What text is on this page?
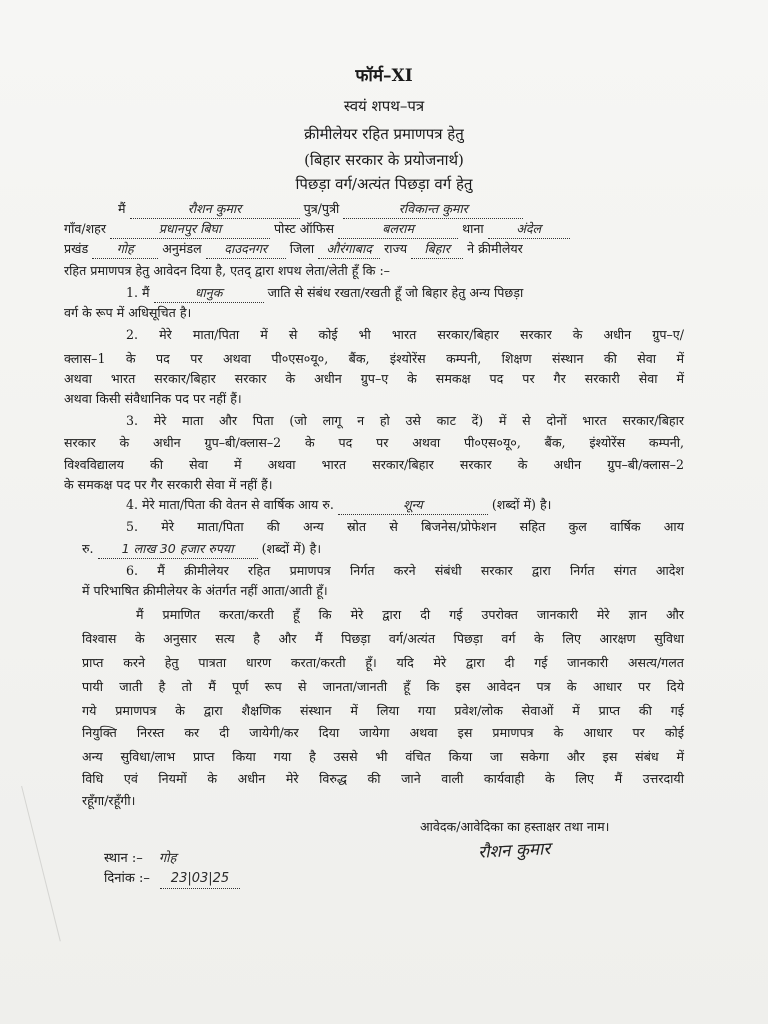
फॉर्म–XI
स्वयं शपथ–पत्र
क्रीमीलेयर रहित प्रमाणपत्र हेतु
(बिहार सरकार के प्रयोजनार्थ)
पिछड़ा वर्ग/अत्यंत पिछड़ा वर्ग हेतु
मैं	रौशन कुमार	पुत्र/पुत्री	रविकान्त कुमार
गाँव/शहर	प्रधानपुर बिघा	पोस्ट ऑफिस	बलराम	थाना	अंदेल
प्रखंड गोह अनुमंडल दाउदनगर जिला औरंगाबाद राज्य बिहार ने क्रीमीलेयर
रहित प्रमाणपत्र हेतु आवेदन दिया है, एतद् द्वारा शपथ लेता/लेती हूँ कि :–
1. मैं	धानुक	जाति से संबंध रखता/रखती हूँ जो बिहार हेतु अन्य पिछड़ा
वर्ग के रूप में अधिसूचित है।
2. मेरे माता/पिता में से कोई भी भारत सरकार/बिहार सरकार के अधीन ग्रुप–ए/
क्लास–1 के पद पर अथवा पी०एस०यू०, बैंक, इंश्योरेंस कम्पनी, शिक्षण संस्थान की सेवा में
अथवा भारत सरकार/बिहार सरकार के अधीन ग्रुप–ए के समकक्ष पद पर गैर सरकारी सेवा में
अथवा किसी संवैधानिक पद पर नहीं हैं।
3. मेरे माता और पिता (जो लागू न हो उसे काट दें) में से दोनों भारत सरकार/बिहार
सरकार के अधीन ग्रुप–बी/क्लास–2 के पद पर अथवा पी०एस०यू०, बैंक, इंश्योरेंस कम्पनी,
विश्वविद्यालय की सेवा में अथवा भारत सरकार/बिहार सरकार के अधीन ग्रुप–बी/क्लास–2
के समकक्ष पद पर गैर सरकारी सेवा में नहीं हैं।
4. मेरे माता/पिता की वेतन से वार्षिक आय रु.	शून्य	(शब्दों में) है।
5. मेरे माता/पिता की अन्य स्रोत से बिजनेस/प्रोफेशन सहित कुल वार्षिक आय
रु. 1 लाख 30 हजार रुपया (शब्दों में) है।
6. मैं क्रीमीलेयर रहित प्रमाणपत्र निर्गत करने संबंधी सरकार द्वारा निर्गत संगत आदेश
में परिभाषित क्रीमीलेयर के अंतर्गत नहीं आता/आती हूँ।
मैं प्रमाणित करता/करती हूँ कि मेरे द्वारा दी गई उपरोक्त जानकारी मेरे ज्ञान और
विश्वास के अनुसार सत्य है और मैं पिछड़ा वर्ग/अत्यंत पिछड़ा वर्ग के लिए आरक्षण सुविधा
प्राप्त करने हेतु पात्रता धारण करता/करती हूँ। यदि मेरे द्वारा दी गई जानकारी असत्य/गलत
पायी जाती है तो मैं पूर्ण रूप से जानता/जानती हूँ कि इस आवेदन पत्र के आधार पर दिये
गये प्रमाणपत्र के द्वारा शैक्षणिक संस्थान में लिया गया प्रवेश/लोक सेवाओं में प्राप्त की गई
नियुक्ति निरस्त कर दी जायेगी/कर दिया जायेगा अथवा इस प्रमाणपत्र के आधार पर कोई
अन्य सुविधा/लाभ प्राप्त किया गया है उससे भी वंचित किया जा सकेगा और इस संबंध में
विधि एवं नियमों के अधीन मेरे विरुद्ध की जाने वाली कार्यवाही के लिए मैं उत्तरदायी
रहूँगा/रहूँगी।
आवेदक/आवेदिका का हस्ताक्षर तथा नाम।
रौशन कुमार
स्थान :– गोह
दिनांक :– 23|03|25
